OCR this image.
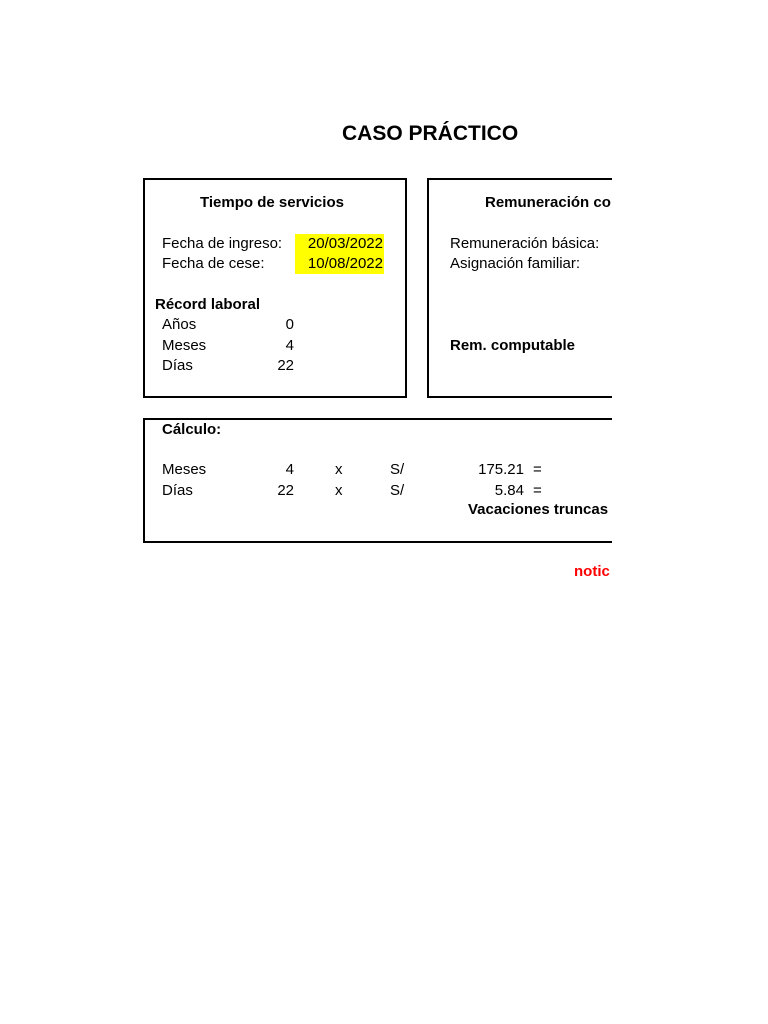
CASO PRÁCTICO
Tiempo de servicios
Fecha de ingreso:	20/03/2022
Fecha de cese:	10/08/2022
Récord laboral
Años	0
Meses	4
Días	22
Remuneración co
Remuneración básica:
Asignación familiar:
Rem. computable
Cálculo:
Meses	4	x	S/	175.21 =
Días	22	x	S/	5.84 =
Vacaciones truncas
notic
